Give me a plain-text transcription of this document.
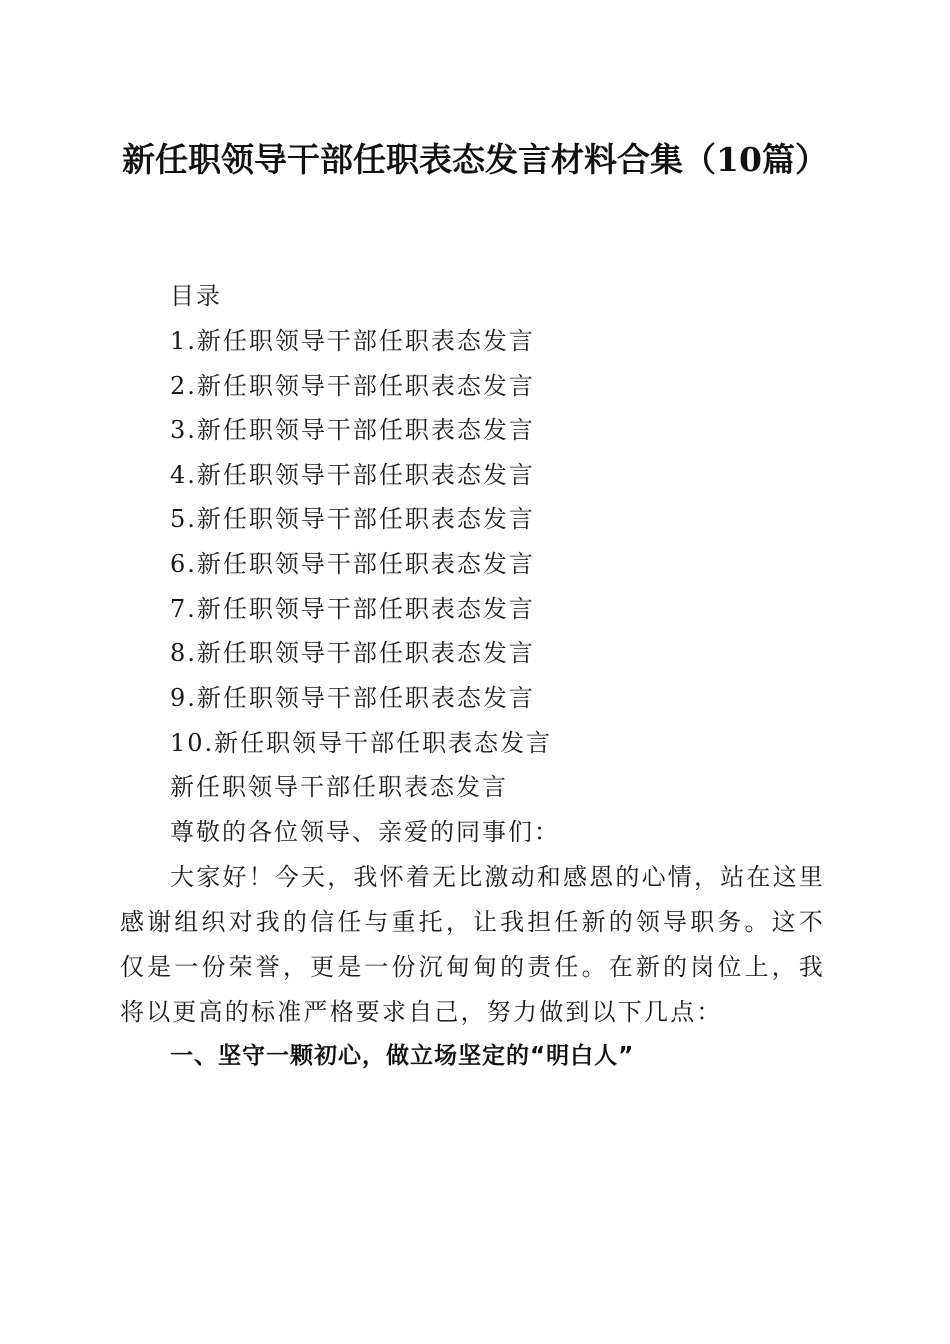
新任职领导干部任职表态发言材料合集（10篇）
目录
1.新任职领导干部任职表态发言
2.新任职领导干部任职表态发言
3.新任职领导干部任职表态发言
4.新任职领导干部任职表态发言
5.新任职领导干部任职表态发言
6.新任职领导干部任职表态发言
7.新任职领导干部任职表态发言
8.新任职领导干部任职表态发言
9.新任职领导干部任职表态发言
10.新任职领导干部任职表态发言
新任职领导干部任职表态发言
尊敬的各位领导、亲爱的同事们：
大家好！今天，我怀着无比激动和感恩的心情，站在这里感谢组织对我的信任与重托，让我担任新的领导职务。这不仅是一份荣誉，更是一份沉甸甸的责任。在新的岗位上，我将以更高的标准严格要求自己，努力做到以下几点：
一、坚守一颗初心，做立场坚定的“明白人”
